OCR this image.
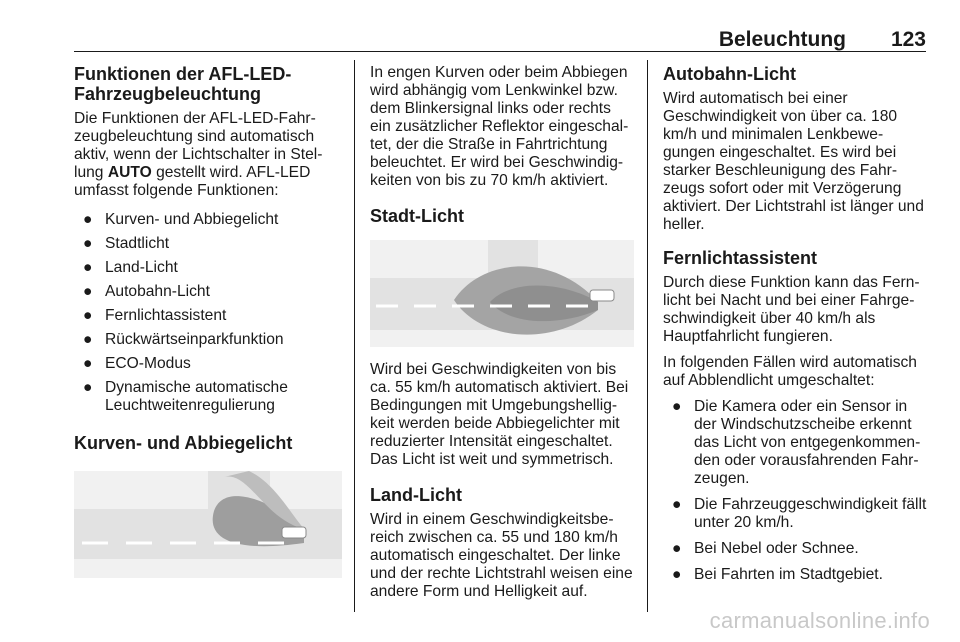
Beleuchtung 123
Funktionen der AFL-LED-Fahrzeugbeleuchtung

Die Funktionen der AFL-LED-Fahrzeugbeleuchtung sind automatisch aktiv, wenn der Lichtschalter in Stellung AUTO gestellt wird. AFL-LED umfasst folgende Funktionen:

● Kurven- und Abbiegelicht
● Stadtlicht
● Land-Licht
● Autobahn-Licht
● Fernlichtassistent
● Rückwärtseinparkfunktion
● ECO-Modus
● Dynamische automatische Leuchtweitenregulierung
Kurven- und Abbiegelicht

In engen Kurven oder beim Abbiegen wird abhängig vom Lenkwinkel bzw. dem Blinkersignal links oder rechts ein zusätzlicher Reflektor eingeschaltet, der die Straße in Fahrtrichtung beleuchtet. Er wird bei Geschwindigkeiten von bis zu 70 km/h aktiviert.

Stadt-Licht

Wird bei Geschwindigkeiten von bis ca. 55 km/h automatisch aktiviert. Bei Bedingungen mit Umgebungshelligkeit werden beide Abbiegelichter mit reduzierter Intensität eingeschaltet. Das Licht ist weit und symmetrisch.

Land-Licht

Wird in einem Geschwindigkeitsbereich zwischen ca. 55 und 180 km/h automatisch eingeschaltet. Der linke und der rechte Lichtstrahl weisen eine andere Form und Helligkeit auf.

Autobahn-Licht

Wird automatisch bei einer Geschwindigkeit von über ca. 180 km/h und minimalen Lenkbewegungen eingeschaltet. Es wird bei starker Beschleunigung des Fahrzeugs sofort oder mit Verzögerung aktiviert. Der Lichtstrahl ist länger und heller.

Fernlichtassistent

Durch diese Funktion kann das Fernlicht bei Nacht und bei einer Fahrgeschwindigkeit über 40 km/h als Hauptfahrlicht fungieren.

In folgenden Fällen wird automatisch auf Abblendlicht umgeschaltet:

● Die Kamera oder ein Sensor in der Windschutzscheibe erkennt das Licht von entgegenkommenden oder vorausfahrenden Fahrzeugen.
● Die Fahrzeuggeschwindigkeit fällt unter 20 km/h.
● Bei Nebel oder Schnee.
● Bei Fahrten im Stadtgebiet.
carmanualsonline.info
